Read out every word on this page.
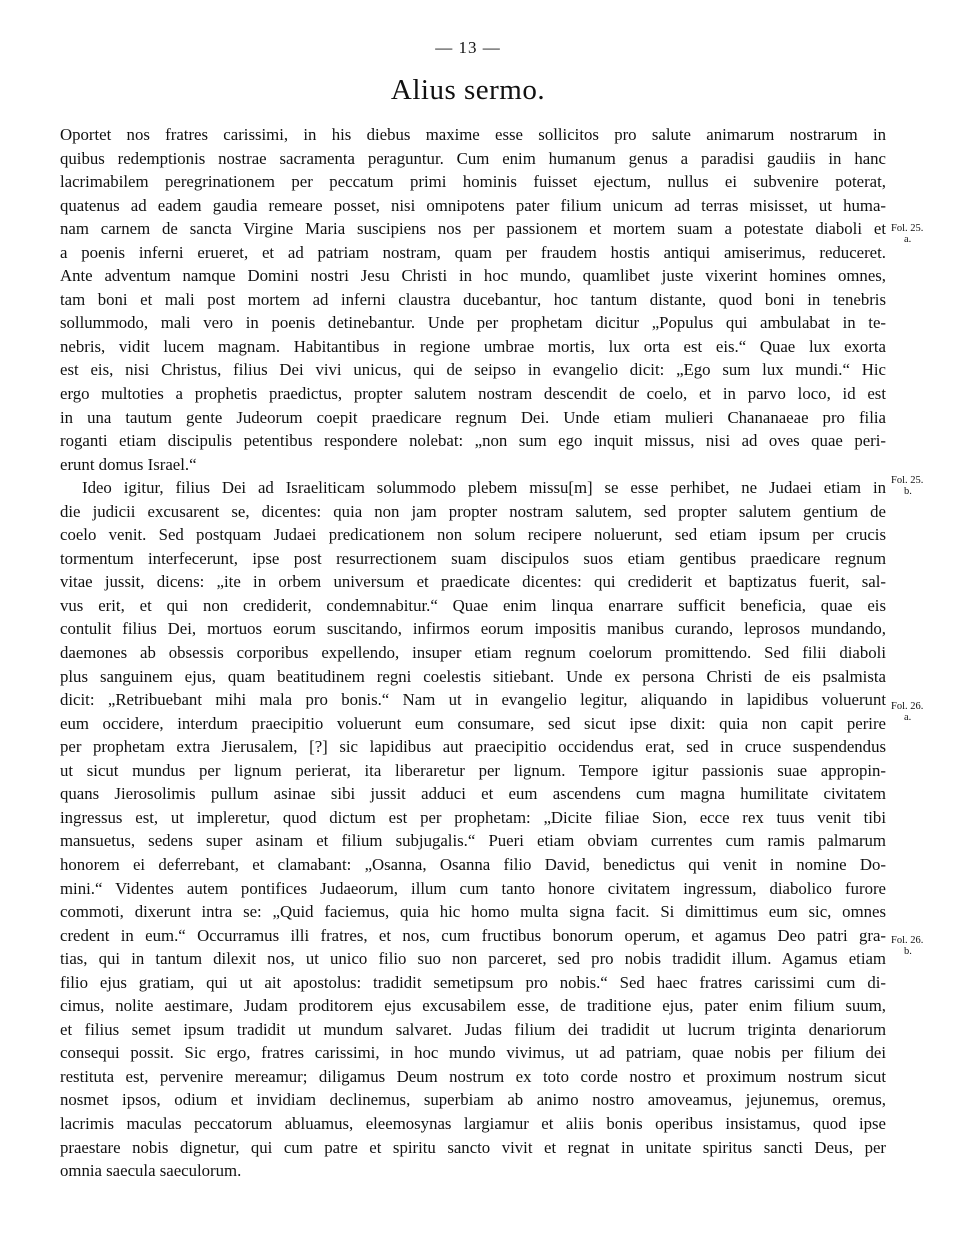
— 13 —
Alius sermo.
Oportet nos fratres carissimi, in his diebus maxime esse sollicitos pro salute animarum nostrarum in
quibus redemptionis nostrae sacramenta peraguntur. Cum enim humanum genus a paradisi gaudiis in hanc
lacrimabilem peregrinationem per peccatum primi hominis fuisset ejectum, nullus ei subvenire poterat,
quatenus ad eadem gaudia remeare posset, nisi omnipotens pater filium unicum ad terras misisset, ut huma-
nam carnem de sancta Virgine Maria suscipiens nos per passionem et mortem suam a potestate diaboli et
a poenis inferni erueret, et ad patriam nostram, quam per fraudem hostis antiqui amiserimus, reduceret.
Ante adventum namque Domini nostri Jesu Christi in hoc mundo, quamlibet juste vixerint homines omnes,
tam boni et mali post mortem ad inferni claustra ducebantur, hoc tantum distante, quod boni in tenebris
sollummodo, mali vero in poenis detinebantur. Unde per prophetam dicitur „Populus qui ambulabat in te-
nebris, vidit lucem magnam. Habitantibus in regione umbrae mortis, lux orta est eis.“ Quae lux exorta
est eis, nisi Christus, filius Dei vivi unicus, qui de seipso in evangelio dicit: „Ego sum lux mundi.“ Hic
ergo multoties a prophetis praedictus, propter salutem nostram descendit de coelo, et in parvo loco, id est
in una tautum gente Judeorum coepit praedicare regnum Dei. Unde etiam mulieri Chananaeae pro filia
roganti etiam discipulis petentibus respondere nolebat: „non sum ego inquit missus, nisi ad oves quae peri-
erunt domus Israel.“
Ideo igitur, filius Dei ad Israeliticam solummodo plebem missu[m] se esse perhibet, ne Judaei etiam in
die judicii excusarent se, dicentes: quia non jam propter nostram salutem, sed propter salutem gentium de
coelo venit. Sed postquam Judaei predicationem non solum recipere noluerunt, sed etiam ipsum per crucis
tormentum interfecerunt, ipse post resurrectionem suam discipulos suos etiam gentibus praedicare regnum
vitae jussit, dicens: „ite in orbem universum et praedicate dicentes: qui crediderit et baptizatus fuerit, sal-
vus erit, et qui non crediderit, condemnabitur.“ Quae enim linqua enarrare sufficit beneficia, quae eis
contulit filius Dei, mortuos eorum suscitando, infirmos eorum impositis manibus curando, leprosos mundando,
daemones ab obsessis corporibus expellendo, insuper etiam regnum coelorum promittendo. Sed filii diaboli
plus sanguinem ejus, quam beatitudinem regni coelestis sitiebant. Unde ex persona Christi de eis psalmista
dicit: „Retribuebant mihi mala pro bonis.“ Nam ut in evangelio legitur, aliquando in lapidibus voluerunt
eum occidere, interdum praecipitio voluerunt eum consumare, sed sicut ipse dixit: quia non capit perire
per prophetam extra Jierusalem, [?] sic lapidibus aut praecipitio occidendus erat, sed in cruce suspendendus
ut sicut mundus per lignum perierat, ita liberaretur per lignum. Tempore igitur passionis suae appropin-
quans Jierosolimis pullum asinae sibi jussit adduci et eum ascendens cum magna humilitate civitatem
ingressus est, ut impleretur, quod dictum est per prophetam: „Dicite filiae Sion, ecce rex tuus venit tibi
mansuetus, sedens super asinam et filium subjugalis.“ Pueri etiam obviam currentes cum ramis palmarum
honorem ei deferrebant, et clamabant: „Osanna, Osanna filio David, benedictus qui venit in nomine Do-
mini.“ Videntes autem pontifices Judaeorum, illum cum tanto honore civitatem ingressum, diabolico furore
commoti, dixerunt intra se: „Quid faciemus, quia hic homo multa signa facit. Si dimittimus eum sic, omnes
credent in eum.“ Occurramus illi fratres, et nos, cum fructibus bonorum operum, et agamus Deo patri gra-
tias, qui in tantum dilexit nos, ut unico filio suo non parceret, sed pro nobis tradidit illum. Agamus etiam
filio ejus gratiam, qui ut ait apostolus: tradidit semetipsum pro nobis.“ Sed haec fratres carissimi cum di-
cimus, nolite aestimare, Judam proditorem ejus excusabilem esse, de traditione ejus, pater enim filium suum,
et filius semet ipsum tradidit ut mundum salvaret. Judas filium dei tradidit ut lucrum triginta denariorum
consequi possit. Sic ergo, fratres carissimi, in hoc mundo vivimus, ut ad patriam, quae nobis per filium dei
restituta est, pervenire mereamur; diligamus Deum nostrum ex toto corde nostro et proximum nostrum sicut
nosmet ipsos, odium et invidiam declinemus, superbiam ab animo nostro amoveamus, jejunemus, oremus,
lacrimis maculas peccatorum abluamus, eleemosynas largiamur et aliis bonis operibus insistamus, quod ipse
praestare nobis dignetur, qui cum patre et spiritu sancto vivit et regnat in unitate spiritus sancti Deus, per
omnia saecula saeculorum.
Fol. 25.
a.
Fol. 25.
b.
Fol. 26.
a.
Fol. 26.
b.
